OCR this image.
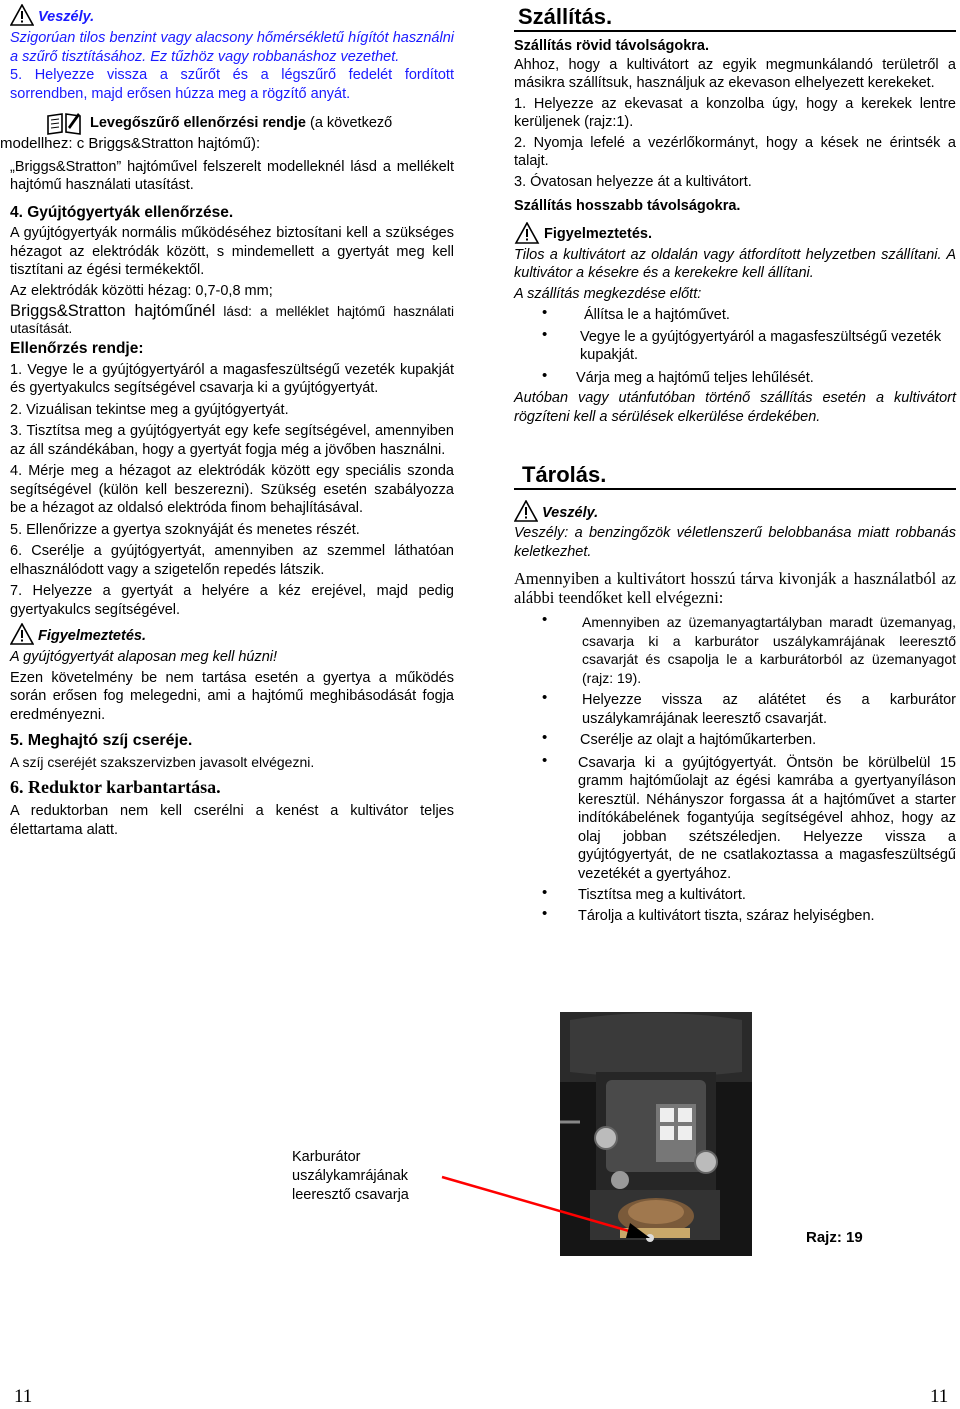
Veszély.

Szigorúan tilos benzint vagy alacsony hőmérsékletű hígítót használni a szűrő tisztításához. Ez tűzhöz vagy robbanáshoz vezethet.

5. Helyezze vissza a szűrőt és a légszűrő fedelét fordított sorrendben, majd erősen húzza meg a rögzítő anyát.

Levegőszűrő ellenőrzési rendje (a következő

modellhez: c Briggs&Stratton hajtómű):

„Briggs&Stratton” hajtóművel felszerelt modelleknél lásd a mellékelt hajtómű használati utasítást.

4. Gyújtógyertyák ellenőrzése.

A gyújtógyertyák normális működéséhez biztosítani kell a szükséges hézagot az elektródák között, s mindemellett a gyertyát meg kell tisztítani az égési termékektől.

Az elektródák közötti hézag: 0,7-0,8 mm;

Briggs&Stratton hajtóműnél lásd: a melléklet hajtómű használati utasítását.

Ellenőrzés rendje:

1. Vegye le a gyújtógyertyáról a magasfeszültségű vezeték kupakját és gyertyakulcs segítségével csavarja ki a gyújtógyertyát.

2. Vizuálisan tekintse meg a gyújtógyertyát.

3. Tisztítsa meg a gyújtógyertyát egy kefe segítségével, amennyiben az áll szándékában, hogy a gyertyát fogja még a jövőben használni.

4. Mérje meg a hézagot az elektródák között egy speciális szonda segítségével (külön kell beszerezni). Szükség esetén szabályozza be a hézagot az oldalsó elektróda finom behajlításával.

5. Ellenőrizze a gyertya szoknyáját és menetes részét.

6. Cserélje a gyújtógyertyát, amennyiben az szemmel láthatóan elhasználódott vagy a szigetelőn repedés látszik.

7. Helyezze a gyertyát a helyére a kéz erejével, majd pedig gyertyakulcs segítségével.

Figyelmeztetés.

A gyújtógyertyát alaposan meg kell húzni!

Ezen követelmény be nem tartása esetén a gyertya a működés során erősen fog melegedni, ami a hajtómű meghibásodását fogja eredményezni.

5. Meghajtó szíj cseréje.

A szíj cseréjét szakszervizben javasolt elvégezni.

6. Reduktor karbantartása.

A reduktorban nem kell cserélni a kenést a kultivátor teljes élettartama alatt.

Szállítás.

Szállítás rövid távolságokra.

Ahhoz, hogy a kultivátort az egyik megmunkálandó területről a másikra szállítsuk, használjuk az ekevason elhelyezett kerekeket.

1. Helyezze az ekevasat a konzolba úgy, hogy a kerekek lentre kerüljenek (rajz:1).

2. Nyomja lefelé a vezérlőkormányt, hogy a kések ne érintsék a talajt.

3. Óvatosan helyezze át a kultivátort.

Szállítás hosszabb távolságokra.

Figyelmeztetés.

Tilos a kultivátort az oldalán vagy átfordított helyzetben szállítani. A kultivátor a késekre és a kerekekre kell állítani.

A szállítás megkezdése előtt:

• Állítsa le a hajtóművet.
• Vegye le a gyújtógyertyáról a magasfeszültségű vezeték kupakját.
• Várja meg a hajtómű teljes lehűlését.

Autóban vagy utánfutóban történő szállítás esetén a kultivátort rögzíteni kell a sérülések elkerülése érdekében.

Tárolás.
Veszély.

Veszély: a benzingőzök véletlenszerű belobbanása miatt robbanás keletkezhet.

Amennyiben a kultivátort hosszú tárva kivonják a használatból az alábbi teendőket kell elvégezni:

• Amennyiben az üzemanyagtartályban maradt üzemanyag, csavarja ki a karburátor uszálykamrájának leeresztő csavarját és csapolja le a karburátorból az üzemanyagot (rajz: 19).
• Helyezze vissza az alátétet és a karburátor uszálykamrájának leeresztő csavarját.
• Cserélje az olajt a hajtóműkarterben.
• Csavarja ki a gyújtógyertyát. Öntsön be körülbelül 15 gramm hajtóműolajt az égési kamrába a gyertyanyíláson keresztül. Néhányszor forgassa át a hajtóművet a starter indítókábelének fogantyúja segítségével ahhoz, hogy az olaj jobban szétszéledjen. Helyezze vissza a gyújtógyertyát, de ne csatlakoztassa a magasfeszültségű vezetékét a gyertyához.
• Tisztítsa meg a kultivátort.
• Tárolja a kultivátort tiszta, száraz helyiségben.
Karburátor uszálykamrájának leeresztő csavarja
Rajz: 19
11	11
